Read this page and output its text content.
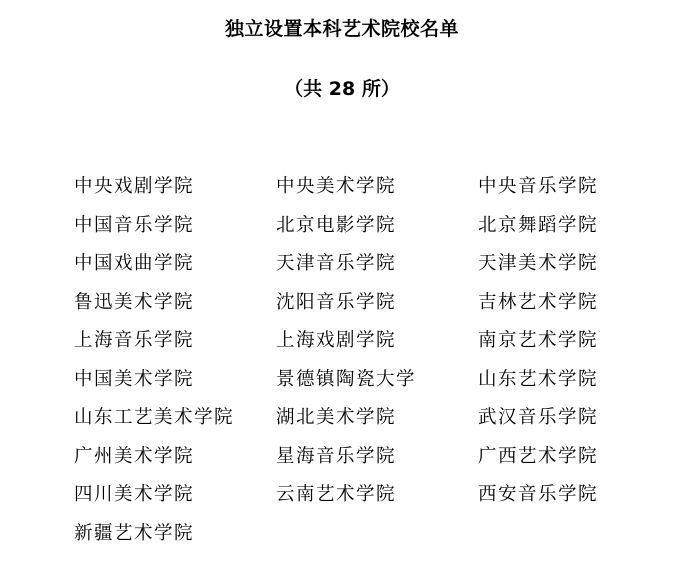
独立设置本科艺术院校名单
（共 28 所）
中央戏剧学院	中央美术学院	中央音乐学院
中国音乐学院	北京电影学院	北京舞蹈学院
中国戏曲学院	天津音乐学院	天津美术学院
鲁迅美术学院	沈阳音乐学院	吉林艺术学院
上海音乐学院	上海戏剧学院	南京艺术学院
中国美术学院	景德镇陶瓷大学	山东艺术学院
山东工艺美术学院	湖北美术学院	武汉音乐学院
广州美术学院	星海音乐学院	广西艺术学院
四川美术学院	云南艺术学院	西安音乐学院
新疆艺术学院
